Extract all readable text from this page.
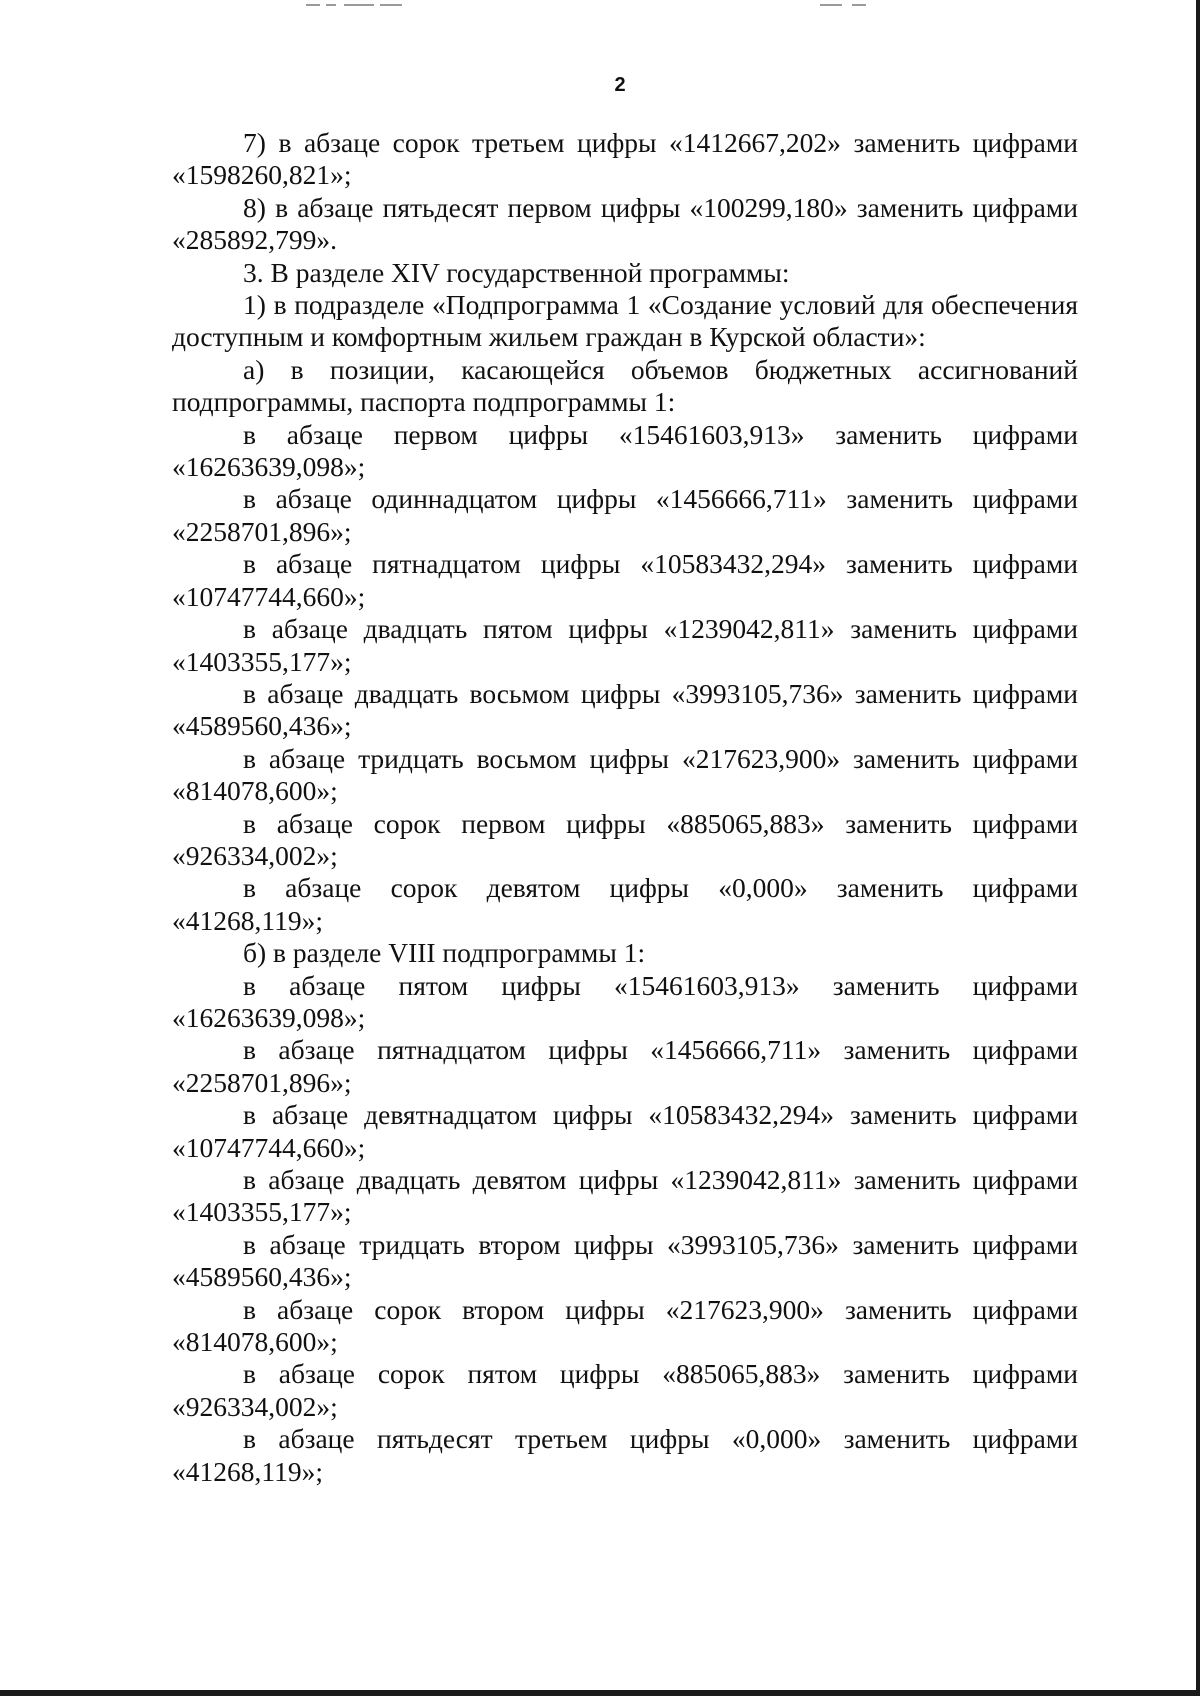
2

7) в абзаце сорок третьем цифры «1412667,202» заменить цифрами «1598260,821»;

8) в абзаце пятьдесят первом цифры «100299,180» заменить цифрами «285892,799».

3. В разделе XIV государственной программы:

1) в подразделе «Подпрограмма 1 «Создание условий для обеспечения доступным и комфортным жильем граждан в Курской области»:

а) в позиции, касающейся объемов бюджетных ассигнований подпрограммы, паспорта подпрограммы 1:

в абзаце первом цифры «15461603,913» заменить цифрами «16263639,098»;

в абзаце одиннадцатом цифры «1456666,711» заменить цифрами «2258701,896»;

в абзаце пятнадцатом цифры «10583432,294» заменить цифрами «10747744,660»;

в абзаце двадцать пятом цифры «1239042,811» заменить цифрами «1403355,177»;

в абзаце двадцать восьмом цифры «3993105,736» заменить цифрами «4589560,436»;

в абзаце тридцать восьмом цифры «217623,900» заменить цифрами «814078,600»;

в абзаце сорок первом цифры «885065,883» заменить цифрами «926334,002»;

в абзаце сорок девятом цифры «0,000» заменить цифрами «41268,119»;

б) в разделе VIII подпрограммы 1:

в абзаце пятом цифры «15461603,913» заменить цифрами «16263639,098»;

в абзаце пятнадцатом цифры «1456666,711» заменить цифрами «2258701,896»;

в абзаце девятнадцатом цифры «10583432,294» заменить цифрами «10747744,660»;

в абзаце двадцать девятом цифры «1239042,811» заменить цифрами «1403355,177»;

в абзаце тридцать втором цифры «3993105,736» заменить цифрами «4589560,436»;

в абзаце сорок втором цифры «217623,900» заменить цифрами «814078,600»;

в абзаце сорок пятом цифры «885065,883» заменить цифрами «926334,002»;

в абзаце пятьдесят третьем цифры «0,000» заменить цифрами «41268,119»;
